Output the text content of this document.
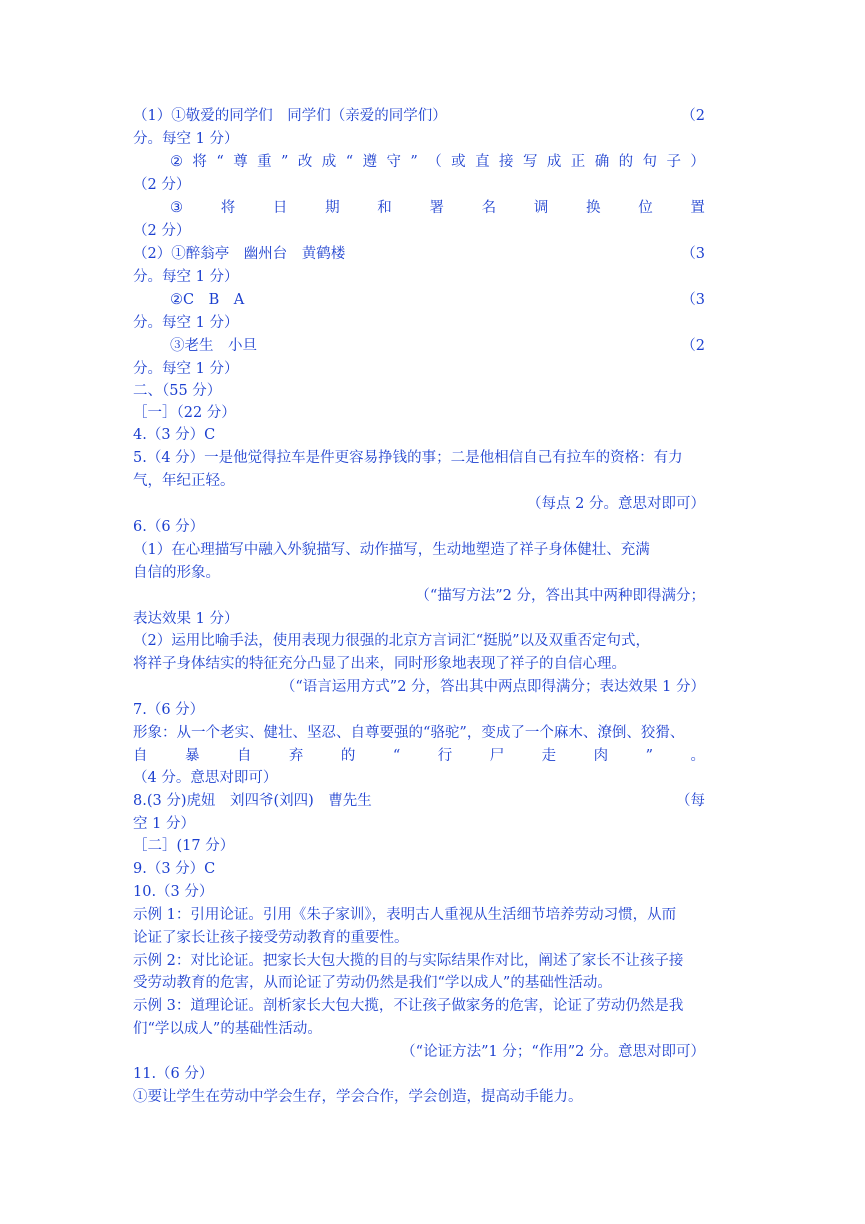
（1）①敬爱的同学们　同学们（亲爱的同学们）	（2
分。每空 1 分）
② 将 “ 尊 重 ” 改 成 “ 遵 守 ” （ 或 直 接 写 成 正 确 的 句 子 ）
（2 分）
③	将	日	期	和	署	名	调	换	位	置
（2 分）
（2）①醉翁亭　幽州台　黄鹤楼	（3
分。每空 1 分）
②C　B　A	（3
分。每空 1 分）
③老生　小旦	（2
分。每空 1 分）
二、（55 分）
［一］（22 分）
4.（3 分）C
5.（4 分）一是他觉得拉车是件更容易挣钱的事；二是他相信自己有拉车的资格：有力
气，年纪正轻。
（每点 2 分。意思对即可）
6.（6 分）
（1）在心理描写中融入外貌描写、动作描写，生动地塑造了祥子身体健壮、充满
自信的形象。
（“描写方法”2 分，答出其中两种即得满分；
表达效果 1 分）
（2）运用比喻手法，使用表现力很强的北京方言词汇“挺脱”以及双重否定句式，
将祥子身体结实的特征充分凸显了出来，同时形象地表现了祥子的自信心理。
（“语言运用方式”2 分，答出其中两点即得满分；表达效果 1 分）
7.（6 分）
形象：从一个老实、健壮、坚忍、自尊要强的“骆驼”，变成了一个麻木、潦倒、狡猾、
自	暴	自	弃	的	“	行	尸	走	肉	”	。
（4 分。意思对即可）
8.(3 分)虎妞　刘四爷(刘四)　曹先生	（每
空 1 分）
［二］(17 分）
9.（3 分）C
10.（3 分）
示例 1：引用论证。引用《朱子家训》，表明古人重视从生活细节培养劳动习惯，从而
论证了家长让孩子接受劳动教育的重要性。
示例 2：对比论证。把家长大包大揽的目的与实际结果作对比，阐述了家长不让孩子接
受劳动教育的危害，从而论证了劳动仍然是我们“学以成人”的基础性活动。
示例 3：道理论证。剖析家长大包大揽，不让孩子做家务的危害，论证了劳动仍然是我
们“学以成人”的基础性活动。
（“论证方法”1 分；“作用”2 分。意思对即可）
11.（6 分）
①要让学生在劳动中学会生存，学会合作，学会创造，提高动手能力。
